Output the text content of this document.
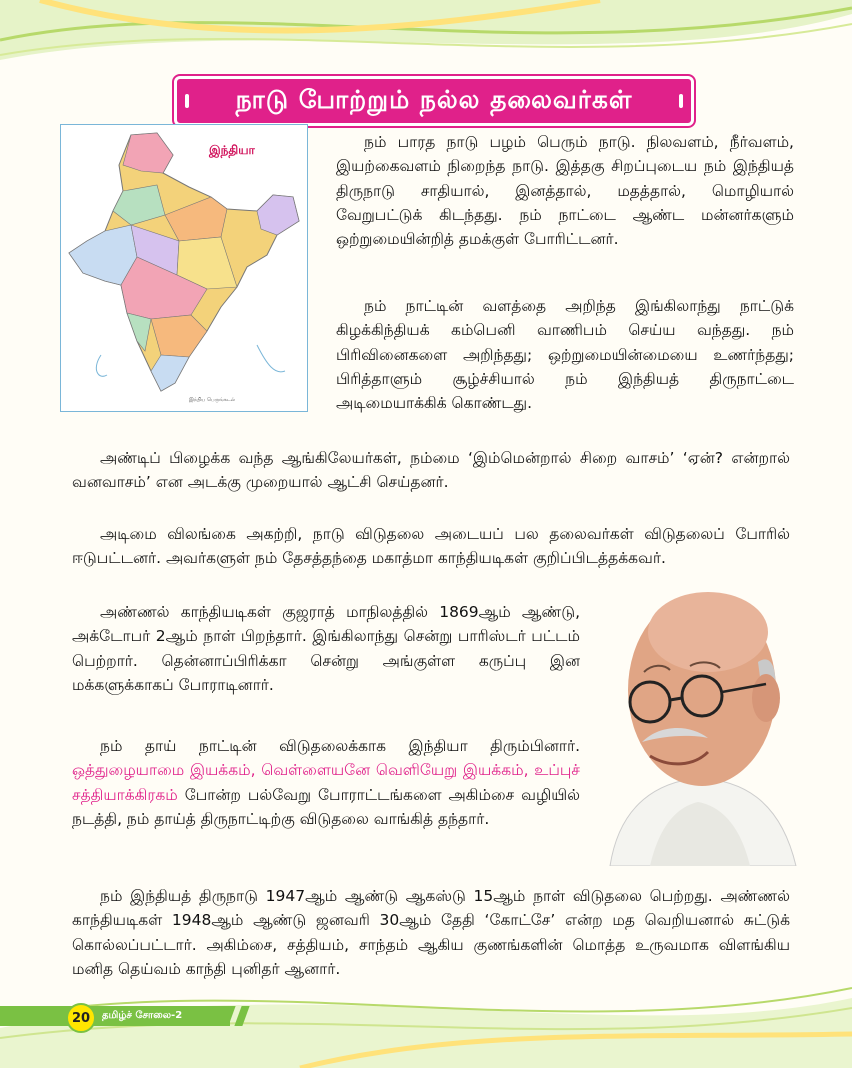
நாடு போற்றும் நல்ல தலைவர்கள்
இந்தியா
இந்திய பெருங்கடல்

நம் பாரத நாடு பழம் பெரும் நாடு. நிலவளம், நீர்வளம், இயற்கைவளம் நிறைந்த நாடு. இத்தகு சிறப்புடைய நம் இந்தியத் திருநாடு சாதியால், இனத்தால், மதத்தால், மொழியால் வேறுபட்டுக் கிடந்தது. நம் நாட்டை ஆண்ட மன்னர்களும் ஒற்றுமையின்றித் தமக்குள் போரிட்டனர்.

நம் நாட்டின் வளத்தை அறிந்த இங்கிலாந்து நாட்டுக் கிழக்கிந்தியக் கம்பெனி வாணிபம் செய்ய வந்தது. நம் பிரிவினைகளை அறிந்தது; ஒற்றுமையின்மையை உணர்ந்தது; பிரித்தாளும் சூழ்ச்சியால் நம் இந்தியத் திருநாட்டை அடிமையாக்கிக் கொண்டது.

அண்டிப் பிழைக்க வந்த ஆங்கிலேயர்கள், நம்மை ‘இம்மென்றால் சிறை வாசம்’ ‘ஏன்? என்றால் வனவாசம்’ என அடக்கு முறையால் ஆட்சி செய்தனர்.

அடிமை விலங்கை அகற்றி, நாடு விடுதலை அடையப் பல தலைவர்கள் விடுதலைப் போரில் ஈடுபட்டனர். அவர்களுள் நம் தேசத்தந்தை மகாத்மா காந்தியடிகள் குறிப்பிடத்தக்கவர்.

அண்ணல் காந்தியடிகள் குஜராத் மாநிலத்தில் 1869ஆம் ஆண்டு, அக்டோபர் 2ஆம் நாள் பிறந்தார். இங்கிலாந்து சென்று பாரிஸ்டர் பட்டம் பெற்றார். தென்னாப்பிரிக்கா சென்று அங்குள்ள கருப்பு இன மக்களுக்காகப் போராடினார்.

நம் தாய் நாட்டின் விடுதலைக்காக இந்தியா திரும்பினார். ஒத்துழையாமை இயக்கம், வெள்ளையனே வெளியேறு இயக்கம், உப்புச் சத்தியாக்கிரகம் போன்ற பல்வேறு போராட்டங்களை அகிம்சை வழியில் நடத்தி, நம் தாய்த் திருநாட்டிற்கு விடுதலை வாங்கித் தந்தார்.

நம் இந்தியத் திருநாடு 1947ஆம் ஆண்டு ஆகஸ்டு 15ஆம் நாள் விடுதலை பெற்றது. அண்ணல் காந்தியடிகள் 1948ஆம் ஆண்டு ஜனவரி 30ஆம் தேதி ‘கோட்சே’ என்ற மத வெறியனால் சுட்டுக் கொல்லப்பட்டார். அகிம்சை, சத்தியம், சாந்தம் ஆகிய குணங்களின் மொத்த உருவமாக விளங்கிய மனித தெய்வம் காந்தி புனிதர் ஆனார்.

20	தமிழ்ச் சோலை-2
